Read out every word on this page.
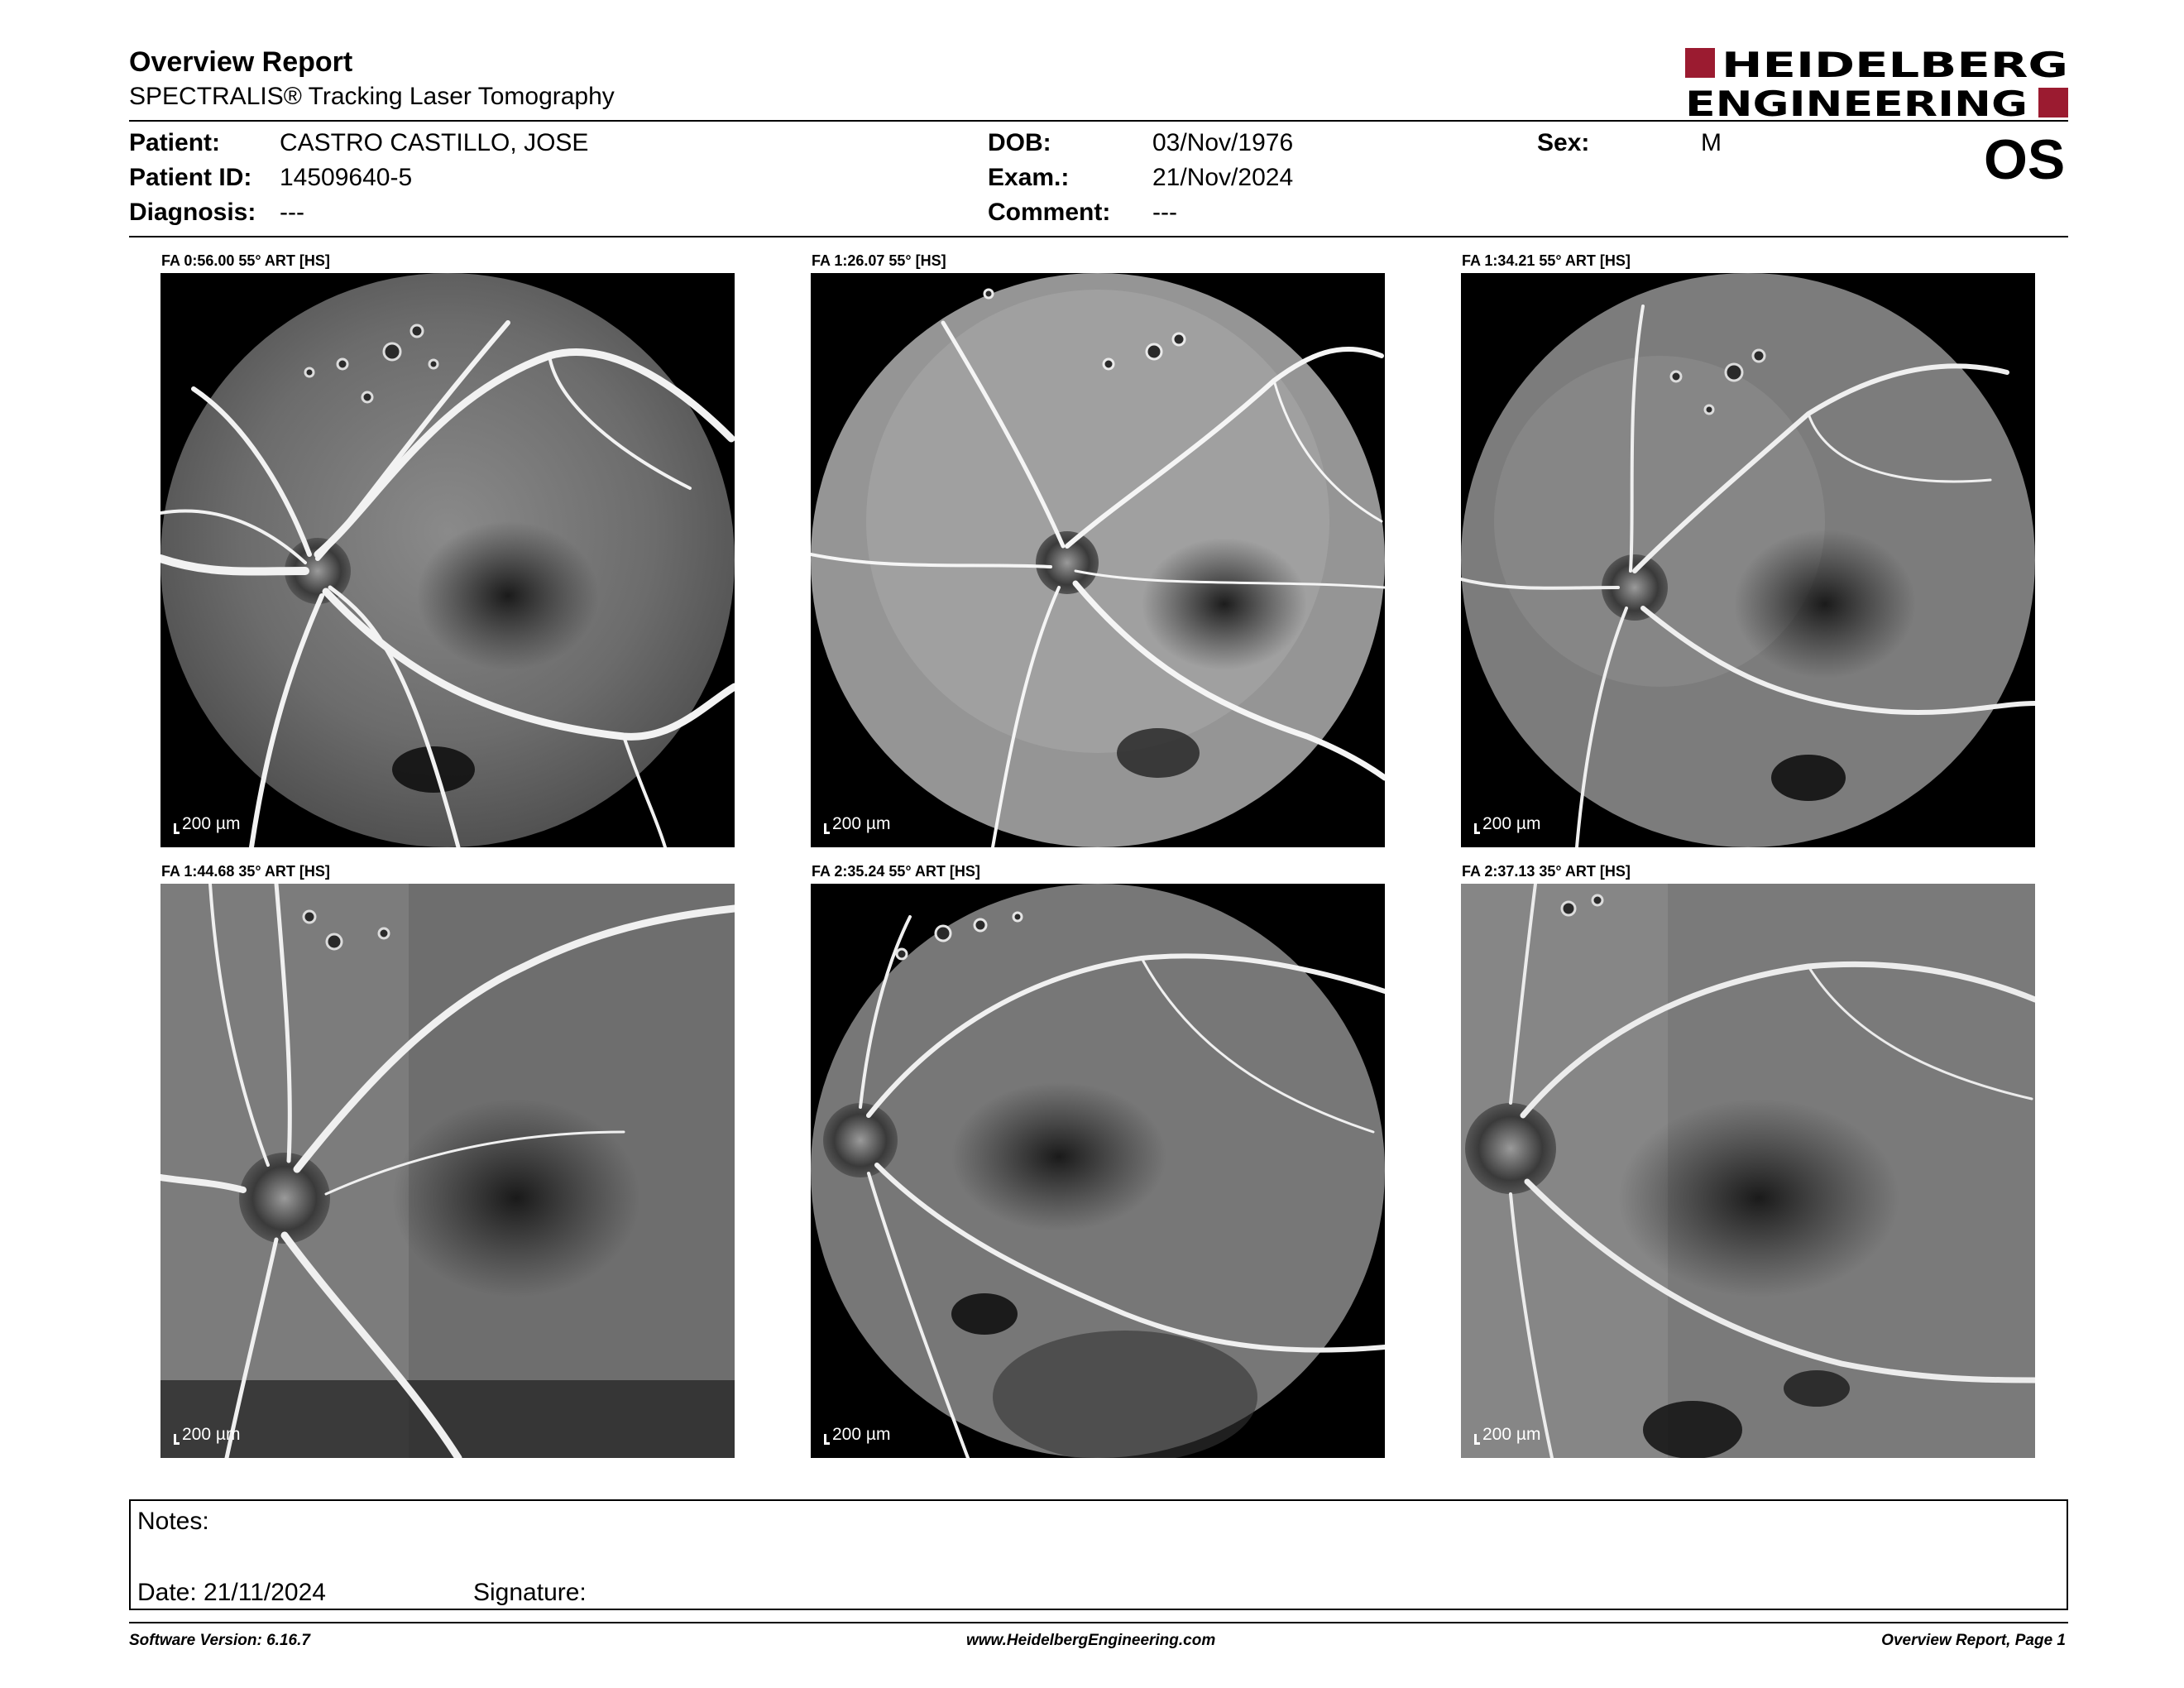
Overview Report
SPECTRALIS® Tracking Laser Tomography
HEIDELBERG
ENGINEERING
Patient: CASTRO CASTILLO, JOSE
Patient ID: 14509640-5
Diagnosis: ---
DOB:	03/Nov/1976
Exam.:	21/Nov/2024
Comment: ---
Sex:	M	OS
FA 0:56.00 55° ART [HS]
200 µm
FA 1:26.07 55° [HS]
200 µm
FA 1:34.21 55° ART [HS]
200 µm
FA 1:44.68 35° ART [HS]
200 µm
FA 2:35.24 55° ART [HS]
200 µm
FA 2:37.13 35° ART [HS]
200 µm
Notes:
Date: 21/11/2024	Signature:
Software Version: 6.16.7	www.HeidelbergEngineering.com	Overview Report, Page 1
